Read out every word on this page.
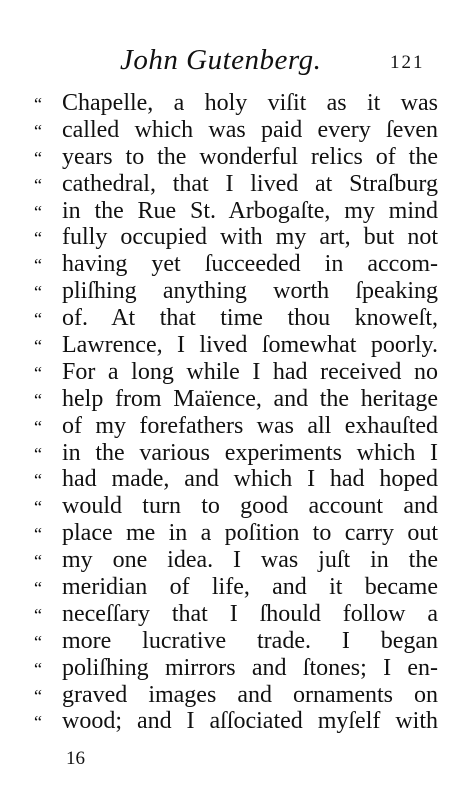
John Gutenberg.	121
“ Chapelle, a holy viſit as it was
“ called which was paid every ſeven
“ years to the wonderful relics of the
“ cathedral, that I lived at Straſburg
“ in the Rue St. Arbogaſte, my mind
“ fully occupied with my art, but not
“ having yet ſucceeded in accom-
“ pliſhing anything worth ſpeaking
“ of. At that time thou knoweſt,
“ Lawrence, I lived ſomewhat poorly.
“ For a long while I had received no
“ help from Maïence, and the heritage
“ of my forefathers was all exhauſted
“ in the various experiments which I
“ had made, and which I had hoped
“ would turn to good account and
“ place me in a poſition to carry out
“ my one idea. I was juſt in the
“ meridian of life, and it became
“ neceſſary that I ſhould follow a
“ more lucrative trade. I began
“ poliſhing mirrors and ſtones; I en-
“ graved images and ornaments on
“ wood; and I aſſociated myſelf with
16
